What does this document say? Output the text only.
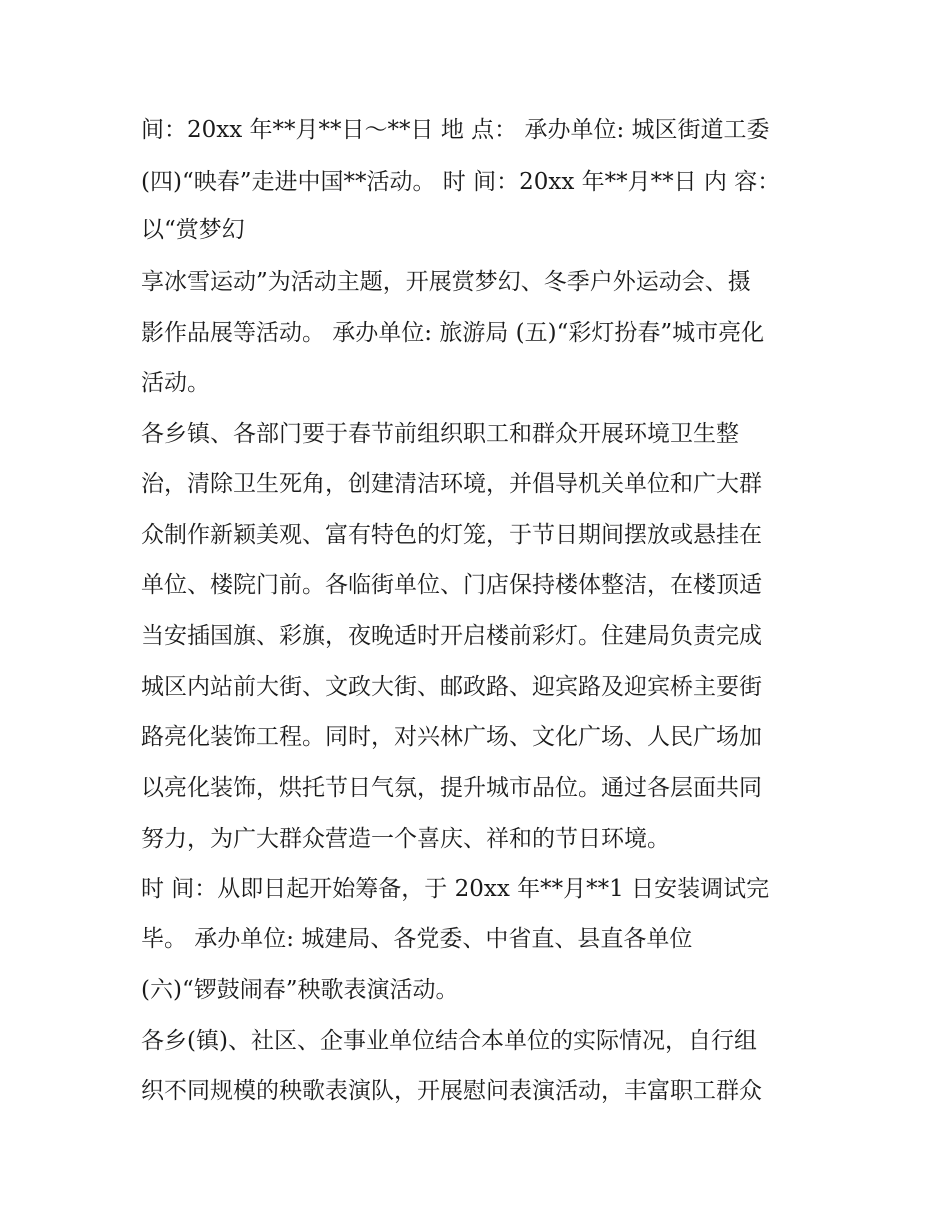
间：20xx 年**月**日～**日 地 点： 承办单位: 城区街道工委

(四)“映春”走进中国**活动。 时 间：20xx 年**月**日 内 容：

以“赏梦幻

享冰雪运动”为活动主题，开展赏梦幻、冬季户外运动会、摄

影作品展等活动。 承办单位: 旅游局 (五)“彩灯扮春”城市亮化

活动。

各乡镇、各部门要于春节前组织职工和群众开展环境卫生整

治，清除卫生死角，创建清洁环境，并倡导机关单位和广大群

众制作新颖美观、富有特色的灯笼，于节日期间摆放或悬挂在

单位、楼院门前。各临街单位、门店保持楼体整洁，在楼顶适

当安插国旗、彩旗，夜晚适时开启楼前彩灯。住建局负责完成

城区内站前大街、文政大街、邮政路、迎宾路及迎宾桥主要街

路亮化装饰工程。同时，对兴林广场、文化广场、人民广场加

以亮化装饰，烘托节日气氛，提升城市品位。通过各层面共同

努力，为广大群众营造一个喜庆、祥和的节日环境。

时 间：从即日起开始筹备，于 20xx 年**月**1 日安装调试完

毕。 承办单位: 城建局、各党委、中省直、县直各单位

(六)“锣鼓闹春”秧歌表演活动。

各乡(镇)、社区、企事业单位结合本单位的实际情况，自行组

织不同规模的秧歌表演队，开展慰问表演活动，丰富职工群众
